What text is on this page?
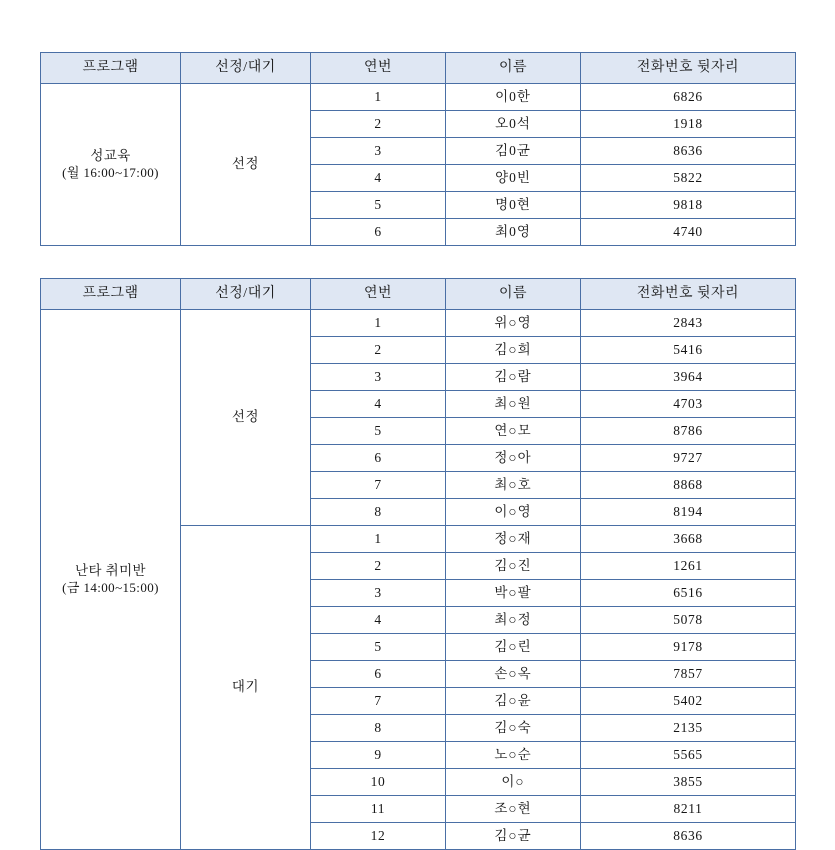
프로그램	선정/대기	연번	이름	전화번호 뒷자리

성교육
(월 16:00~17:00)	선정	1	이0한	6826
		2	오0석	1918
		3	김0균	8636
		4	양0빈	5822
		5	명0현	9818
		6	최0영	4740
프로그램	선정/대기	연번	이름	전화번호 뒷자리

난타 취미반
(금 14:00~15:00)	선정	1	위○영	2843
		2	김○희	5416
		3	김○람	3964
		4	최○원	4703
		5	연○모	8786
		6	정○아	9727
		7	최○호	8868
		8	이○영	8194
	대기	1	정○재	3668
		2	김○진	1261
		3	박○팔	6516
		4	최○정	5078
		5	김○린	9178
		6	손○옥	7857
		7	김○윤	5402
		8	김○숙	2135
		9	노○순	5565
		10	이○	3855
		11	조○현	8211
		12	김○균	8636
